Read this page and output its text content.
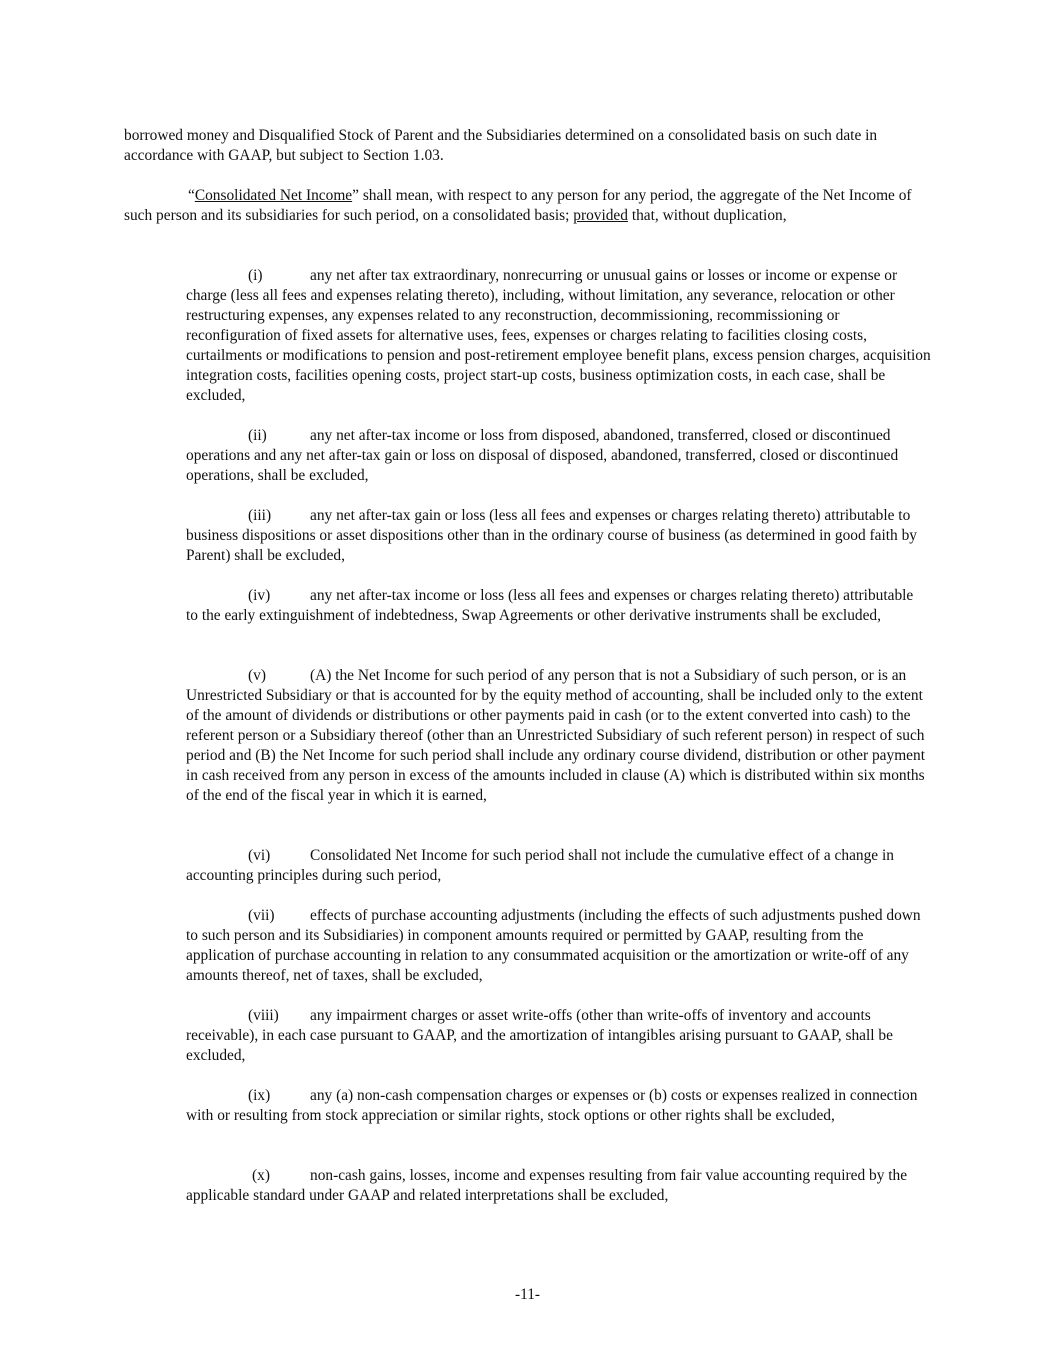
borrowed money and Disqualified Stock of Parent and the Subsidiaries determined on a consolidated basis on such date in accordance with GAAP, but subject to Section 1.03.

“Consolidated Net Income” shall mean, with respect to any person for any period, the aggregate of the Net Income of such person and its subsidiaries for such period, on a consolidated basis; provided that, without duplication,

(i)	any net after tax extraordinary, nonrecurring or unusual gains or losses or income or expense or charge (less all fees and expenses relating thereto), including, without limitation, any severance, relocation or other restructuring expenses, any expenses related to any reconstruction, decommissioning, recommissioning or reconfiguration of fixed assets for alternative uses, fees, expenses or charges relating to facilities closing costs, curtailments or modifications to pension and post-retirement employee benefit plans, excess pension charges, acquisition integration costs, facilities opening costs, project start-up costs, business optimization costs, in each case, shall be excluded,

(ii)	any net after-tax income or loss from disposed, abandoned, transferred, closed or discontinued operations and any net after-tax gain or loss on disposal of disposed, abandoned, transferred, closed or discontinued operations, shall be excluded,

(iii)	any net after-tax gain or loss (less all fees and expenses or charges relating thereto) attributable to business dispositions or asset dispositions other than in the ordinary course of business (as determined in good faith by Parent) shall be excluded,

(iv)	any net after-tax income or loss (less all fees and expenses or charges relating thereto) attributable to the early extinguishment of indebtedness, Swap Agreements or other derivative instruments shall be excluded,

(v)	(A) the Net Income for such period of any person that is not a Subsidiary of such person, or is an Unrestricted Subsidiary or that is accounted for by the equity method of accounting, shall be included only to the extent of the amount of dividends or distributions or other payments paid in cash (or to the extent converted into cash) to the referent person or a Subsidiary thereof (other than an Unrestricted Subsidiary of such referent person) in respect of such period and (B) the Net Income for such period shall include any ordinary course dividend, distribution or other payment in cash received from any person in excess of the amounts included in clause (A) which is distributed within six months of the end of the fiscal year in which it is earned,

(vi)	Consolidated Net Income for such period shall not include the cumulative effect of a change in accounting principles during such period,

(vii) effects of purchase accounting adjustments (including the effects of such adjustments pushed down to such person and its Subsidiaries) in component amounts required or permitted by GAAP, resulting from the application of purchase accounting in relation to any consummated acquisition or the amortization or write-off of any amounts thereof, net of taxes, shall be excluded,

(viii) any impairment charges or asset write-offs (other than write-offs of inventory and accounts receivable), in each case pursuant to GAAP, and the amortization of intangibles arising pursuant to GAAP, shall be excluded,

(ix)	any (a) non-cash compensation charges or expenses or (b) costs or expenses realized in connection with or resulting from stock appreciation or similar rights, stock options or other rights shall be excluded,

(x)	non-cash gains, losses, income and expenses resulting from fair value accounting required by the applicable standard under GAAP and related interpretations shall be excluded,

-11-
